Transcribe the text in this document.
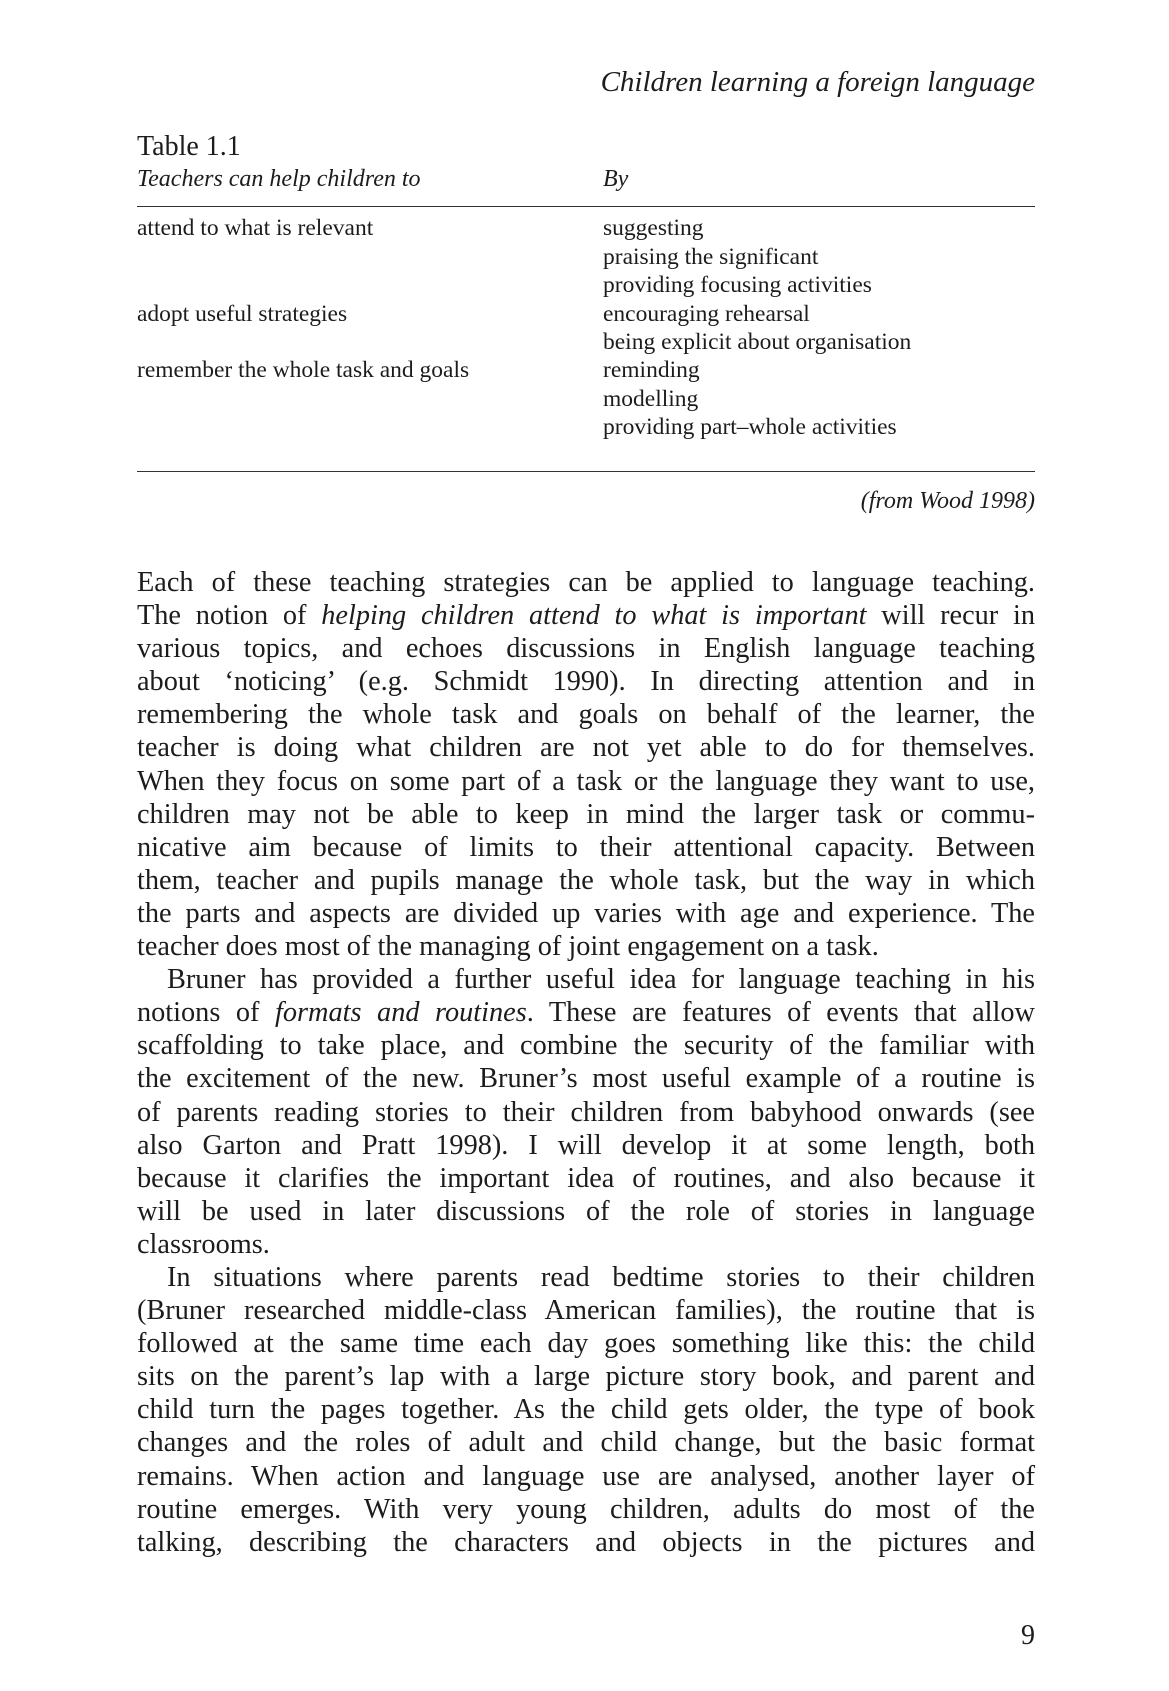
Children learning a foreign language
Table 1.1
Teachers can help children to	By
attend to what is relevant
adopt useful strategies
remember the whole task and goals
suggesting
praising the significant
providing focusing activities
encouraging rehearsal
being explicit about organisation
reminding
modelling
providing part–whole activities
(from Wood 1998)
Each of these teaching strategies can be applied to language teaching.
The notion of helping children attend to what is important will recur in
various topics, and echoes discussions in English language teaching
about ‘noticing’ (e.g. Schmidt 1990). In directing attention and in
remembering the whole task and goals on behalf of the learner, the
teacher is doing what children are not yet able to do for themselves.
When they focus on some part of a task or the language they want to use,
children may not be able to keep in mind the larger task or commu-
nicative aim because of limits to their attentional capacity. Between
them, teacher and pupils manage the whole task, but the way in which
the parts and aspects are divided up varies with age and experience. The
teacher does most of the managing of joint engagement on a task.
Bruner has provided a further useful idea for language teaching in his
notions of formats and routines. These are features of events that allow
scaffolding to take place, and combine the security of the familiar with
the excitement of the new. Bruner’s most useful example of a routine is
of parents reading stories to their children from babyhood onwards (see
also Garton and Pratt 1998). I will develop it at some length, both
because it clarifies the important idea of routines, and also because it
will be used in later discussions of the role of stories in language
classrooms.
In situations where parents read bedtime stories to their children
(Bruner researched middle-class American families), the routine that is
followed at the same time each day goes something like this: the child
sits on the parent’s lap with a large picture story book, and parent and
child turn the pages together. As the child gets older, the type of book
changes and the roles of adult and child change, but the basic format
remains. When action and language use are analysed, another layer of
routine emerges. With very young children, adults do most of the
talking, describing the characters and objects in the pictures and
9
